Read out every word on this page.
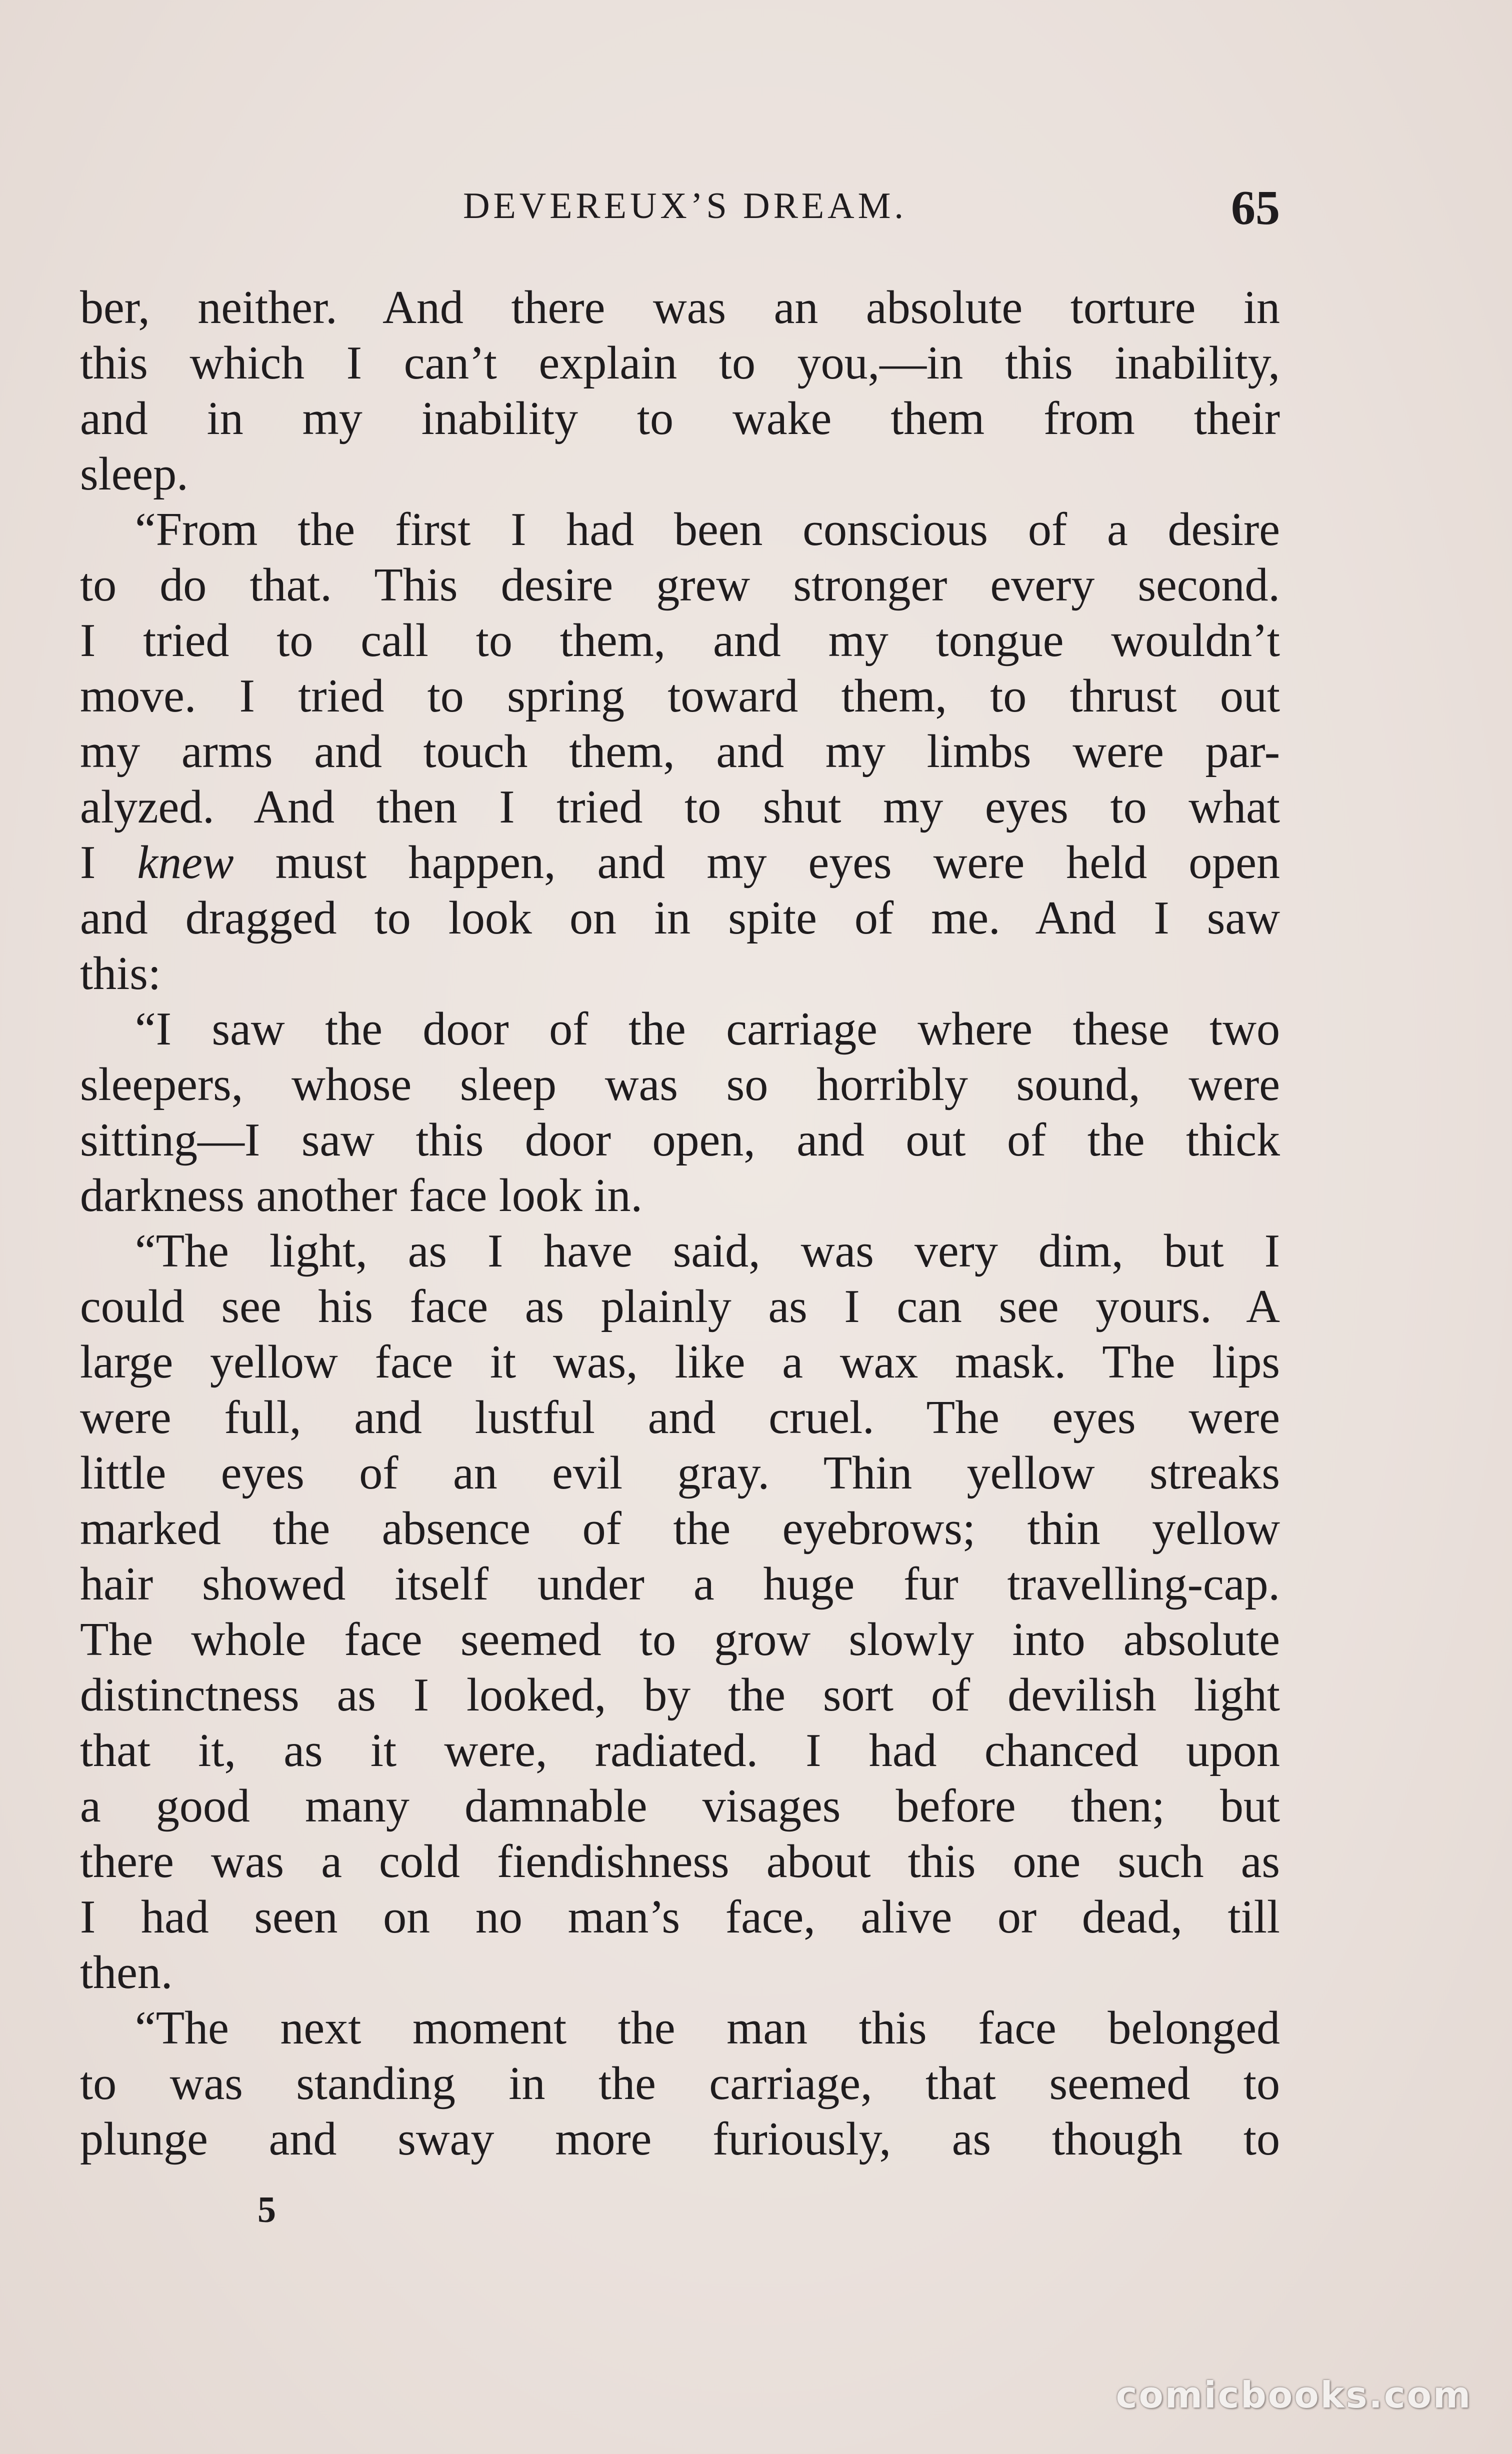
DEVEREUX’S DREAM.	65
ber, neither. And there was an absolute torture in
this which I can’t explain to you,—in this inability,
and in my inability to wake them from their
sleep.
“From the first I had been conscious of a desire
to do that. This desire grew stronger every second.
I tried to call to them, and my tongue wouldn’t
move. I tried to spring toward them, to thrust out
my arms and touch them, and my limbs were par-
alyzed. And then I tried to shut my eyes to what
I knew must happen, and my eyes were held open
and dragged to look on in spite of me. And I saw
this:
“I saw the door of the carriage where these two
sleepers, whose sleep was so horribly sound, were
sitting—I saw this door open, and out of the thick
darkness another face look in.
“The light, as I have said, was very dim, but I
could see his face as plainly as I can see yours. A
large yellow face it was, like a wax mask. The lips
were full, and lustful and cruel. The eyes were
little eyes of an evil gray. Thin yellow streaks
marked the absence of the eyebrows; thin yellow
hair showed itself under a huge fur travelling-cap.
The whole face seemed to grow slowly into absolute
distinctness as I looked, by the sort of devilish light
that it, as it were, radiated. I had chanced upon
a good many damnable visages before then; but
there was a cold fiendishness about this one such as
I had seen on no man’s face, alive or dead, till
then.
“The next moment the man this face belonged
to was standing in the carriage, that seemed to
plunge and sway more furiously, as though to
5
comicbooks.com
